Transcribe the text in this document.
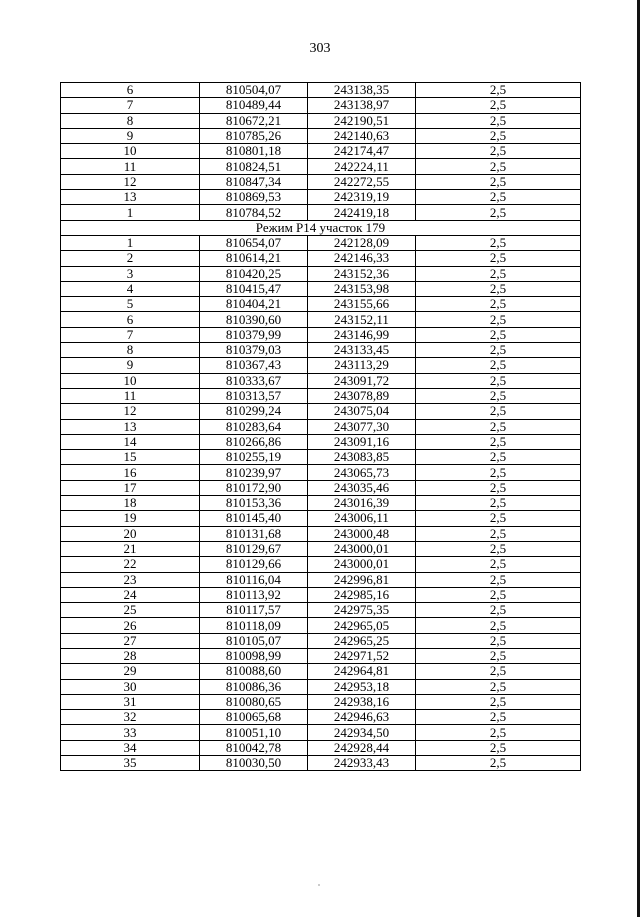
303
6	810504,07	243138,35	2,5
7	810489,44	243138,97	2,5
8	810672,21	242190,51	2,5
9	810785,26	242140,63	2,5
10	810801,18	242174,47	2,5
11	810824,51	242224,11	2,5
12	810847,34	242272,55	2,5
13	810869,53	242319,19	2,5
1	810784,52	242419,18	2,5
Режим Р14 участок 179			
1	810654,07	242128,09	2,5
2	810614,21	242146,33	2,5
3	810420,25	243152,36	2,5
4	810415,47	243153,98	2,5
5	810404,21	243155,66	2,5
6	810390,60	243152,11	2,5
7	810379,99	243146,99	2,5
8	810379,03	243133,45	2,5
9	810367,43	243113,29	2,5
10	810333,67	243091,72	2,5
11	810313,57	243078,89	2,5
12	810299,24	243075,04	2,5
13	810283,64	243077,30	2,5
14	810266,86	243091,16	2,5
15	810255,19	243083,85	2,5
16	810239,97	243065,73	2,5
17	810172,90	243035,46	2,5
18	810153,36	243016,39	2,5
19	810145,40	243006,11	2,5
20	810131,68	243000,48	2,5
21	810129,67	243000,01	2,5
22	810129,66	243000,01	2,5
23	810116,04	242996,81	2,5
24	810113,92	242985,16	2,5
25	810117,57	242975,35	2,5
26	810118,09	242965,05	2,5
27	810105,07	242965,25	2,5
28	810098,99	242971,52	2,5
29	810088,60	242964,81	2,5
30	810086,36	242953,18	2,5
31	810080,65	242938,16	2,5
32	810065,68	242946,63	2,5
33	810051,10	242934,50	2,5
34	810042,78	242928,44	2,5
35	810030,50	242933,43	2,5
